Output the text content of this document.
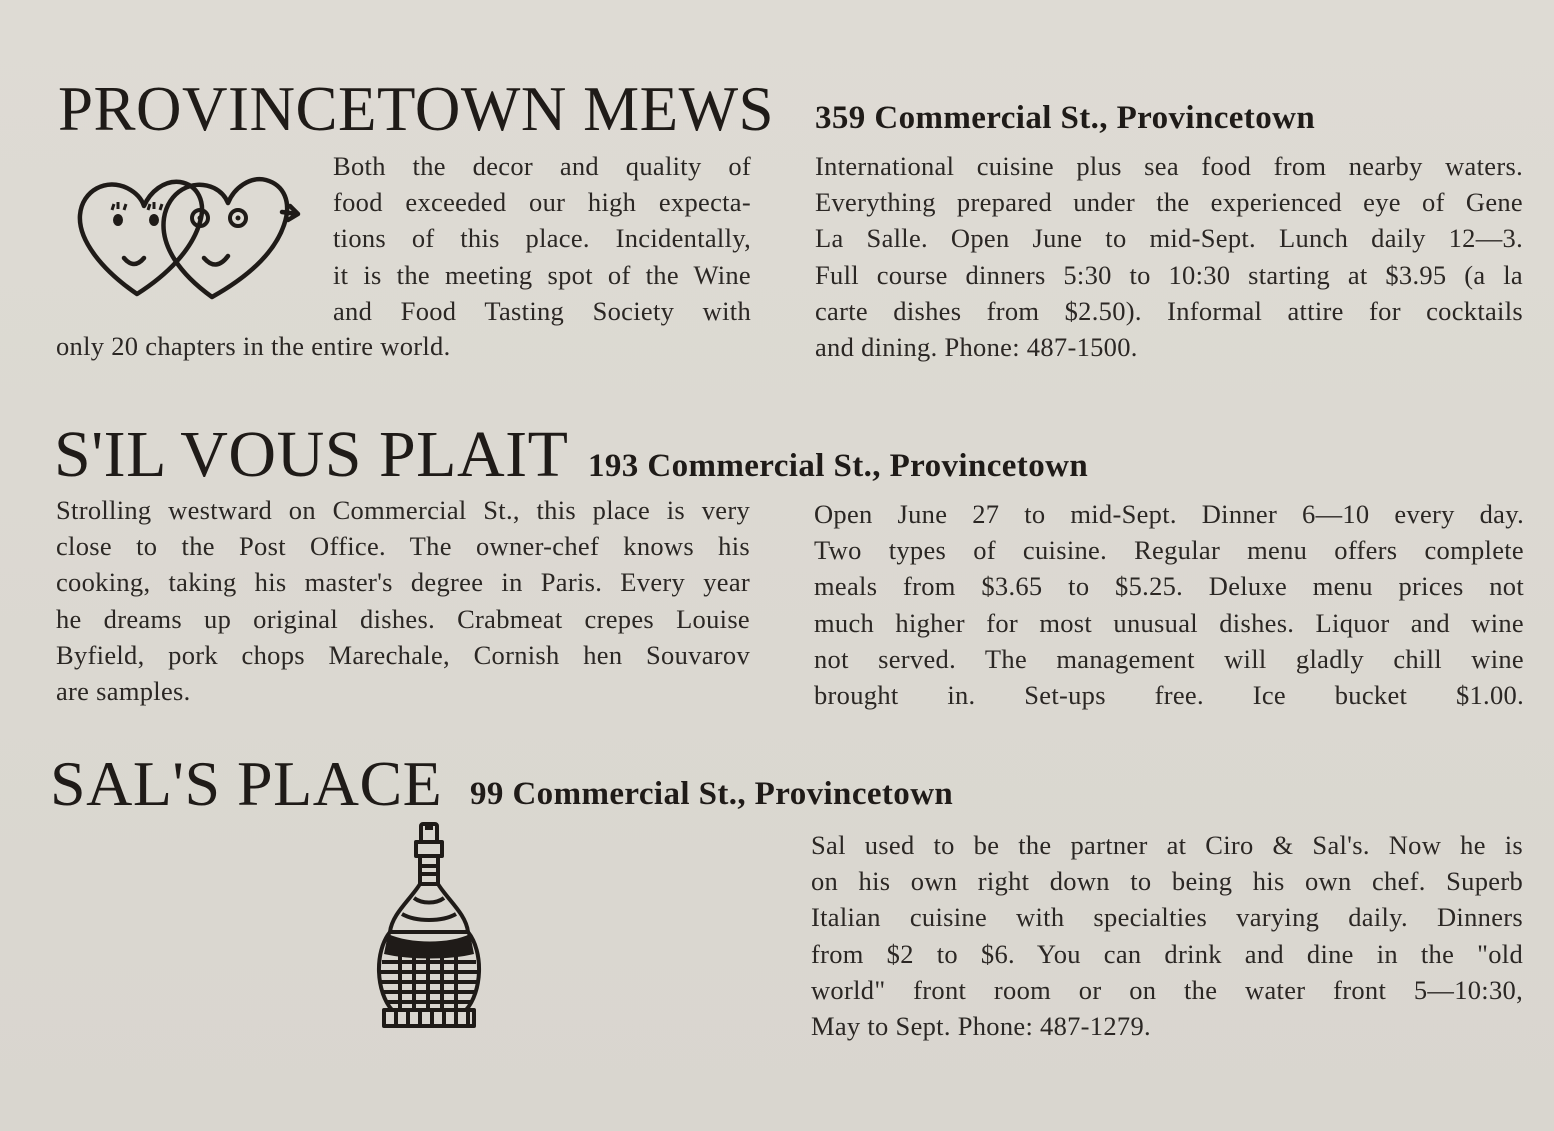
PROVINCETOWN MEWS 359 Commercial St., Provincetown
Both the decor and quality of
food exceeded our high expecta-
tions of this place. Incidentally,
it is the meeting spot of the Wine
and Food Tasting Society with
only 20 chapters in the entire world.
International cuisine plus sea food from nearby waters.
Everything prepared under the experienced eye of Gene
La Salle. Open June to mid-Sept. Lunch daily 12—3.
Full course dinners 5:30 to 10:30 starting at $3.95 (a la
carte dishes from $2.50). Informal attire for cocktails
and dining. Phone: 487-1500.
S'IL VOUS PLAIT 193 Commercial St., Provincetown
Strolling westward on Commercial St., this place is very
close to the Post Office. The owner-chef knows his
cooking, taking his master's degree in Paris. Every year
he dreams up original dishes. Crabmeat crepes Louise
Byfield, pork chops Marechale, Cornish hen Souvarov
are samples.
Open June 27 to mid-Sept. Dinner 6—10 every day.
Two types of cuisine. Regular menu offers complete
meals from $3.65 to $5.25. Deluxe menu prices not
much higher for most unusual dishes. Liquor and wine
not served. The management will gladly chill wine
brought in. Set-ups free. Ice bucket $1.00.
SAL'S PLACE 99 Commercial St., Provincetown
Sal used to be the partner at Ciro & Sal's. Now he is
on his own right down to being his own chef. Superb
Italian cuisine with specialties varying daily. Dinners
from $2 to $6. You can drink and dine in the "old
world" front room or on the water front 5—10:30,
May to Sept. Phone: 487-1279.
